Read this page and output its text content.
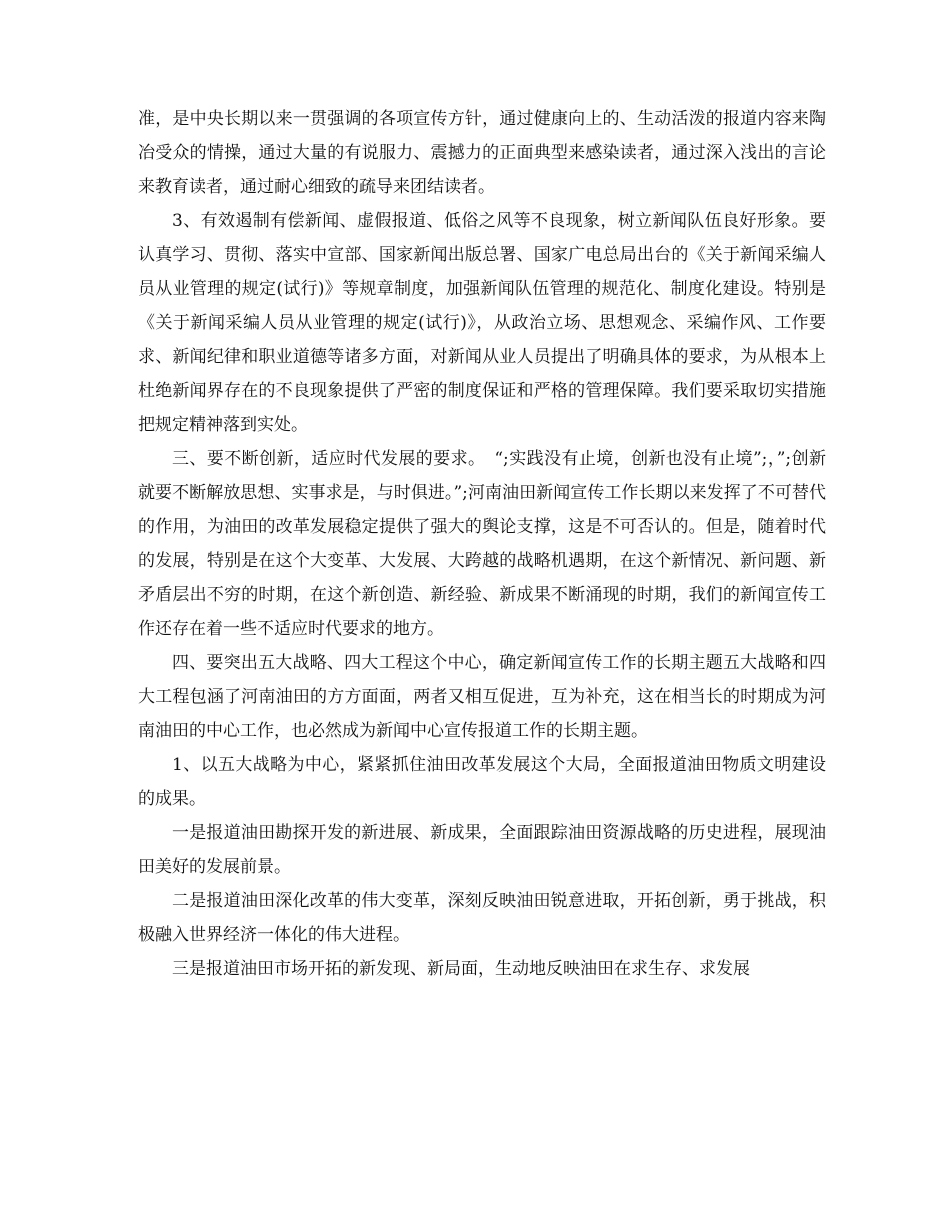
准，是中央长期以来一贯强调的各项宣传方针，通过健康向上的、生动活泼的报道内容来陶冶受众的情操，通过大量的有说服力、震撼力的正面典型来感染读者，通过深入浅出的言论来教育读者，通过耐心细致的疏导来团结读者。

3、有效遏制有偿新闻、虚假报道、低俗之风等不良现象，树立新闻队伍良好形象。要认真学习、贯彻、落实中宣部、国家新闻出版总署、国家广电总局出台的《关于新闻采编人员从业管理的规定(试行)》等规章制度，加强新闻队伍管理的规范化、制度化建设。特别是《关于新闻采编人员从业管理的规定(试行)》，从政治立场、思想观念、采编作风、工作要求、新闻纪律和职业道德等诸多方面，对新闻从业人员提出了明确具体的要求，为从根本上杜绝新闻界存在的不良现象提供了严密的制度保证和严格的管理保障。我们要采取切实措施把规定精神落到实处。

三、要不断创新，适应时代发展的要求。　“;实践没有止境，创新也没有止境”;，”;创新就要不断解放思想、实事求是，与时俱进。”;河南油田新闻宣传工作长期以来发挥了不可替代的作用，为油田的改革发展稳定提供了强大的舆论支撑，这是不可否认的。但是，随着时代的发展，特别是在这个大变革、大发展、大跨越的战略机遇期，在这个新情况、新问题、新矛盾层出不穷的时期，在这个新创造、新经验、新成果不断涌现的时期，我们的新闻宣传工作还存在着一些不适应时代要求的地方。

四、要突出五大战略、四大工程这个中心，确定新闻宣传工作的长期主题五大战略和四大工程包涵了河南油田的方方面面，两者又相互促进，互为补充，这在相当长的时期成为河南油田的中心工作，也必然成为新闻中心宣传报道工作的长期主题。

1、以五大战略为中心，紧紧抓住油田改革发展这个大局，全面报道油田物质文明建设的成果。

一是报道油田勘探开发的新进展、新成果，全面跟踪油田资源战略的历史进程，展现油田美好的发展前景。

二是报道油田深化改革的伟大变革，深刻反映油田锐意进取，开拓创新，勇于挑战，积极融入世界经济一体化的伟大进程。

三是报道油田市场开拓的新发现、新局面，生动地反映油田在求生存、求发展
